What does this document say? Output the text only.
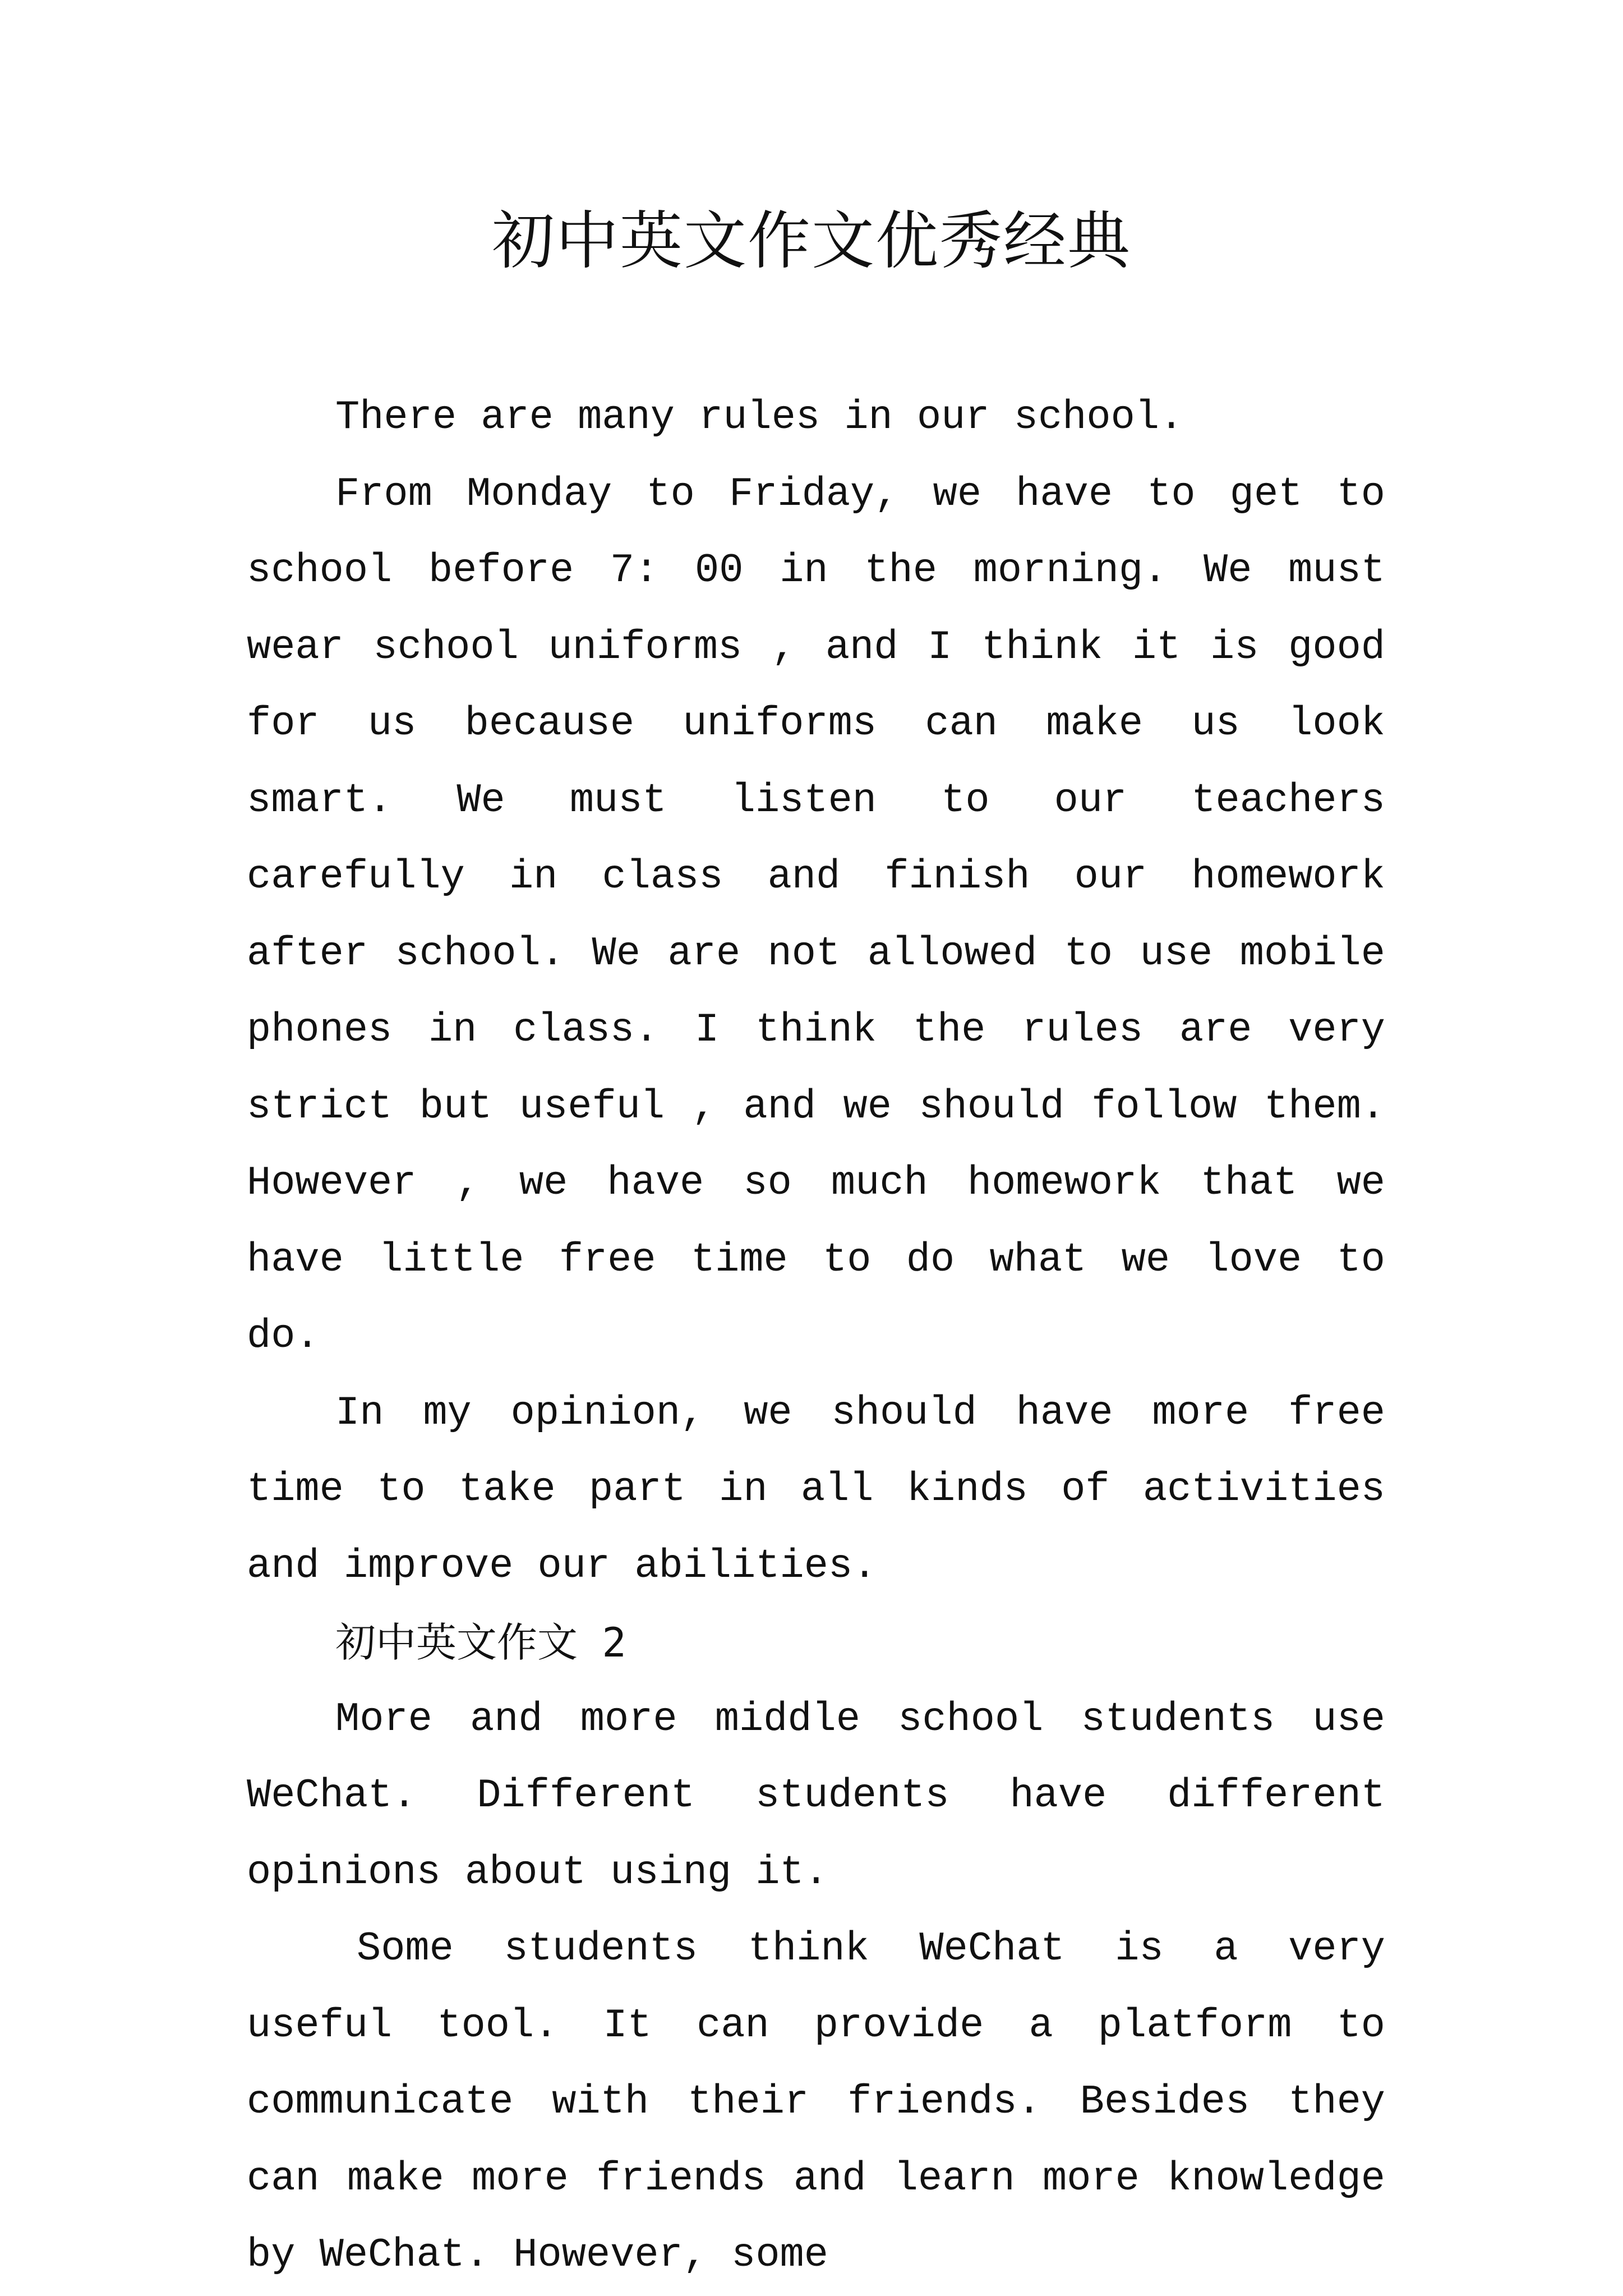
初中英文作文优秀经典

There are many rules in our school.

From Monday to Friday, we have to get to school before 7: 00 in the morning. We must wear school uniforms , and I think it is good for us because uniforms can make us look smart. We must listen to our teachers carefully in class and finish our homework after school. We are not allowed to use mobile phones in class. I think the rules are very strict but useful , and we should follow them. However , we have so much homework that we have little free time to do what we love to do.

In my opinion, we should have more free time to take part in all kinds of activities and improve our abilities.

初中英文作文 2

More and more middle school students use WeChat. Different students have different opinions about using it.

Some students think WeChat is a very useful tool. It can provide a platform to communicate with their friends. Besides they can make more friends and learn more knowledge by WeChat. However, some
